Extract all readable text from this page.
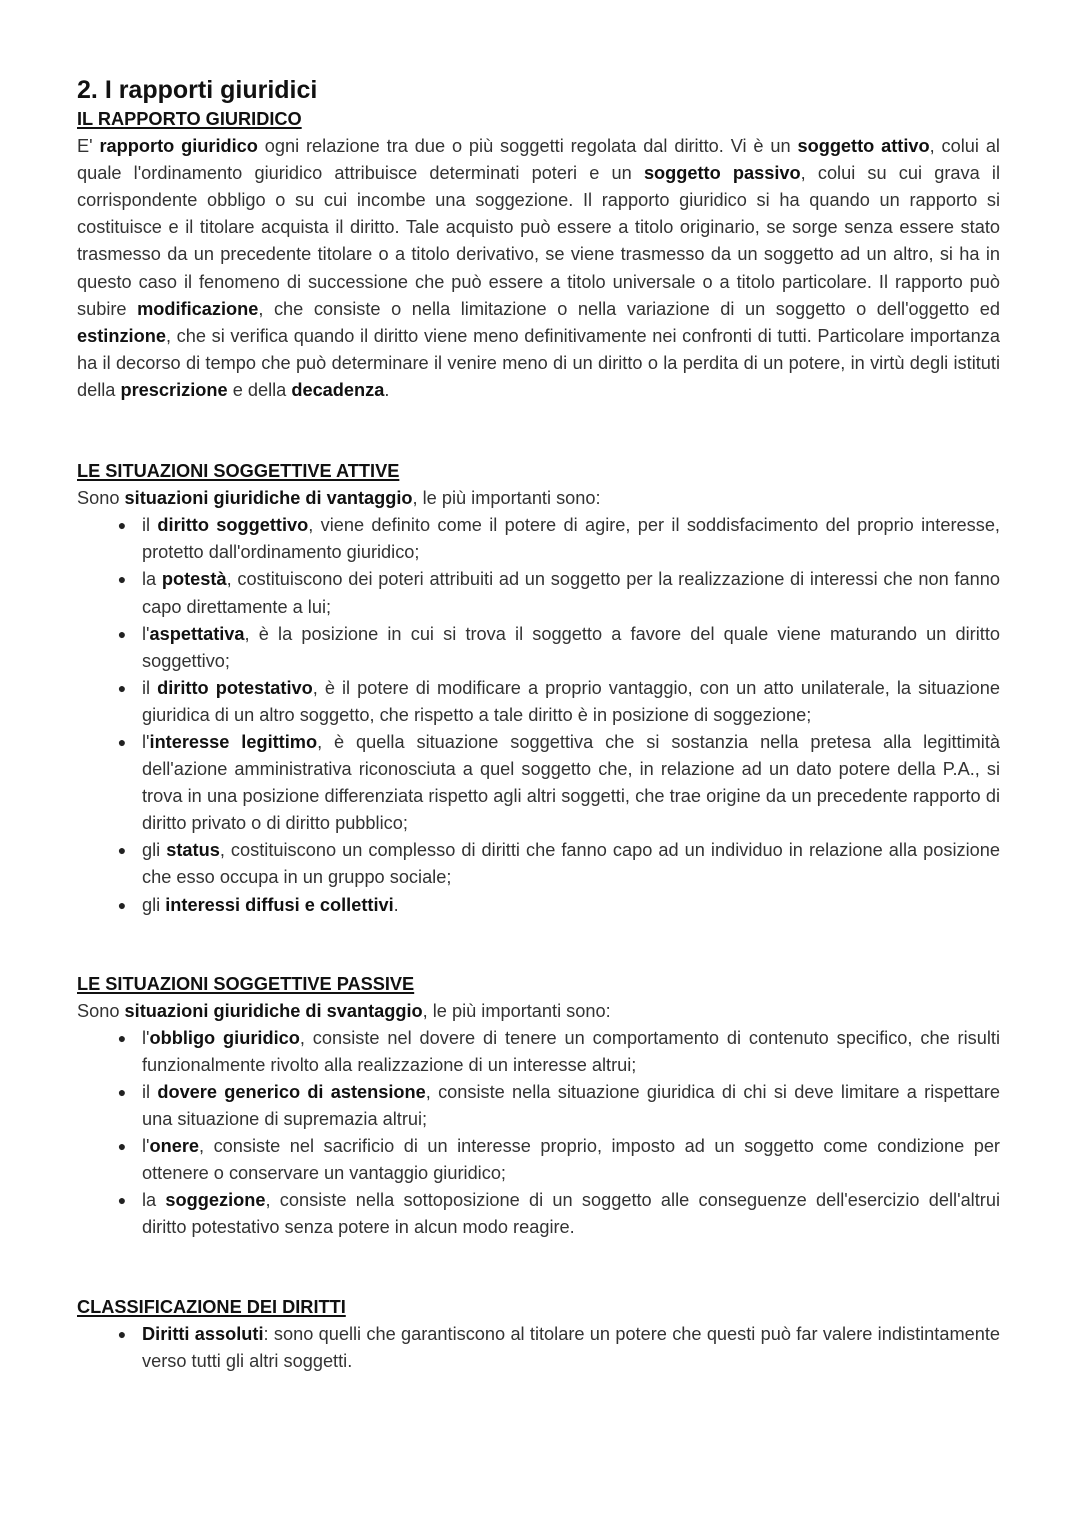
2. I rapporti giuridici
IL RAPPORTO GIURIDICO

E' rapporto giuridico ogni relazione tra due o più soggetti regolata dal diritto. Vi è un soggetto attivo, colui al quale l'ordinamento giuridico attribuisce determinati poteri e un soggetto passivo, colui su cui grava il corrispondente obbligo o su cui incombe una soggezione. Il rapporto giuridico si ha quando un rapporto si costituisce e il titolare acquista il diritto. Tale acquisto può essere a titolo originario, se sorge senza essere stato trasmesso da un precedente titolare o a titolo derivativo, se viene trasmesso da un soggetto ad un altro, si ha in questo caso il fenomeno di successione che può essere a titolo universale o a titolo particolare. Il rapporto può subire modificazione, che consiste o nella limitazione o nella variazione di un soggetto o dell'oggetto ed estinzione, che si verifica quando il diritto viene meno definitivamente nei confronti di tutti. Particolare importanza ha il decorso di tempo che può determinare il venire meno di un diritto o la perdita di un potere, in virtù degli istituti della prescrizione e della decadenza.

LE SITUAZIONI SOGGETTIVE ATTIVE

Sono situazioni giuridiche di vantaggio, le più importanti sono:

● il diritto soggettivo, viene definito come il potere di agire, per il soddisfacimento del proprio interesse, protetto dall'ordinamento giuridico;
● la potestà, costituiscono dei poteri attribuiti ad un soggetto per la realizzazione di interessi che non fanno capo direttamente a lui;
● l'aspettativa, è la posizione in cui si trova il soggetto a favore del quale viene maturando un diritto soggettivo;
● il diritto potestativo, è il potere di modificare a proprio vantaggio, con un atto unilaterale, la situazione giuridica di un altro soggetto, che rispetto a tale diritto è in posizione di soggezione;
● l'interesse legittimo, è quella situazione soggettiva che si sostanzia nella pretesa alla legittimità dell'azione amministrativa riconosciuta a quel soggetto che, in relazione ad un dato potere della P.A., si trova in una posizione differenziata rispetto agli altri soggetti, che trae origine da un precedente rapporto di diritto privato o di diritto pubblico;
● gli status, costituiscono un complesso di diritti che fanno capo ad un individuo in relazione alla posizione che esso occupa in un gruppo sociale;
● gli interessi diffusi e collettivi.
LE SITUAZIONI SOGGETTIVE PASSIVE

Sono situazioni giuridiche di svantaggio, le più importanti sono:

● l'obbligo giuridico, consiste nel dovere di tenere un comportamento di contenuto specifico, che risulti funzionalmente rivolto alla realizzazione di un interesse altrui;
● il dovere generico di astensione, consiste nella situazione giuridica di chi si deve limitare a rispettare una situazione di supremazia altrui;
● l'onere, consiste nel sacrificio di un interesse proprio, imposto ad un soggetto come condizione per ottenere o conservare un vantaggio giuridico;
● la soggezione, consiste nella sottoposizione di un soggetto alle conseguenze dell'esercizio dell'altrui diritto potestativo senza potere in alcun modo reagire.
CLASSIFICAZIONE DEI DIRITTI
● Diritti assoluti: sono quelli che garantiscono al titolare un potere che questi può far valere indistintamente verso tutti gli altri soggetti.
